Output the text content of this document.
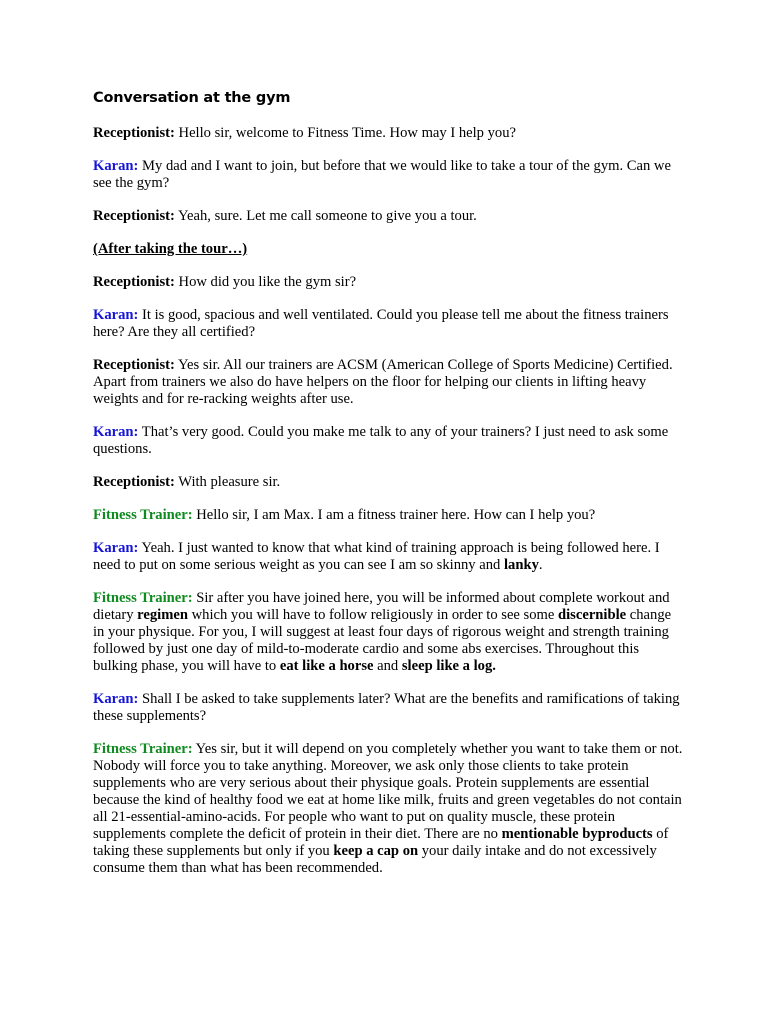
Conversation at the gym
Receptionist: Hello sir, welcome to Fitness Time. How may I help you?
Karan: My dad and I want to join, but before that we would like to take a tour of the gym. Can we see the gym?
Receptionist: Yeah, sure. Let me call someone to give you a tour.
(After taking the tour…)
Receptionist: How did you like the gym sir?
Karan: It is good, spacious and well ventilated. Could you please tell me about the fitness trainers here? Are they all certified?
Receptionist: Yes sir. All our trainers are ACSM (American College of Sports Medicine) Certified. Apart from trainers we also do have helpers on the floor for helping our clients in lifting heavy weights and for re-racking weights after use.
Karan: That’s very good. Could you make me talk to any of your trainers? I just need to ask some questions.
Receptionist: With pleasure sir.
Fitness Trainer: Hello sir, I am Max. I am a fitness trainer here. How can I help you?
Karan: Yeah. I just wanted to know that what kind of training approach is being followed here. I need to put on some serious weight as you can see I am so skinny and lanky.
Fitness Trainer: Sir after you have joined here, you will be informed about complete workout and dietary regimen which you will have to follow religiously in order to see some discernible change in your physique. For you, I will suggest at least four days of rigorous weight and strength training followed by just one day of mild-to-moderate cardio and some abs exercises. Throughout this bulking phase, you will have to eat like a horse and sleep like a log.
Karan: Shall I be asked to take supplements later? What are the benefits and ramifications of taking these supplements?
Fitness Trainer: Yes sir, but it will depend on you completely whether you want to take them or not. Nobody will force you to take anything. Moreover, we ask only those clients to take protein supplements who are very serious about their physique goals. Protein supplements are essential because the kind of healthy food we eat at home like milk, fruits and green vegetables do not contain all 21-essential-amino-acids. For people who want to put on quality muscle, these protein supplements complete the deficit of protein in their diet. There are no mentionable byproducts of taking these supplements but only if you keep a cap on your daily intake and do not excessively consume them than what has been recommended.
